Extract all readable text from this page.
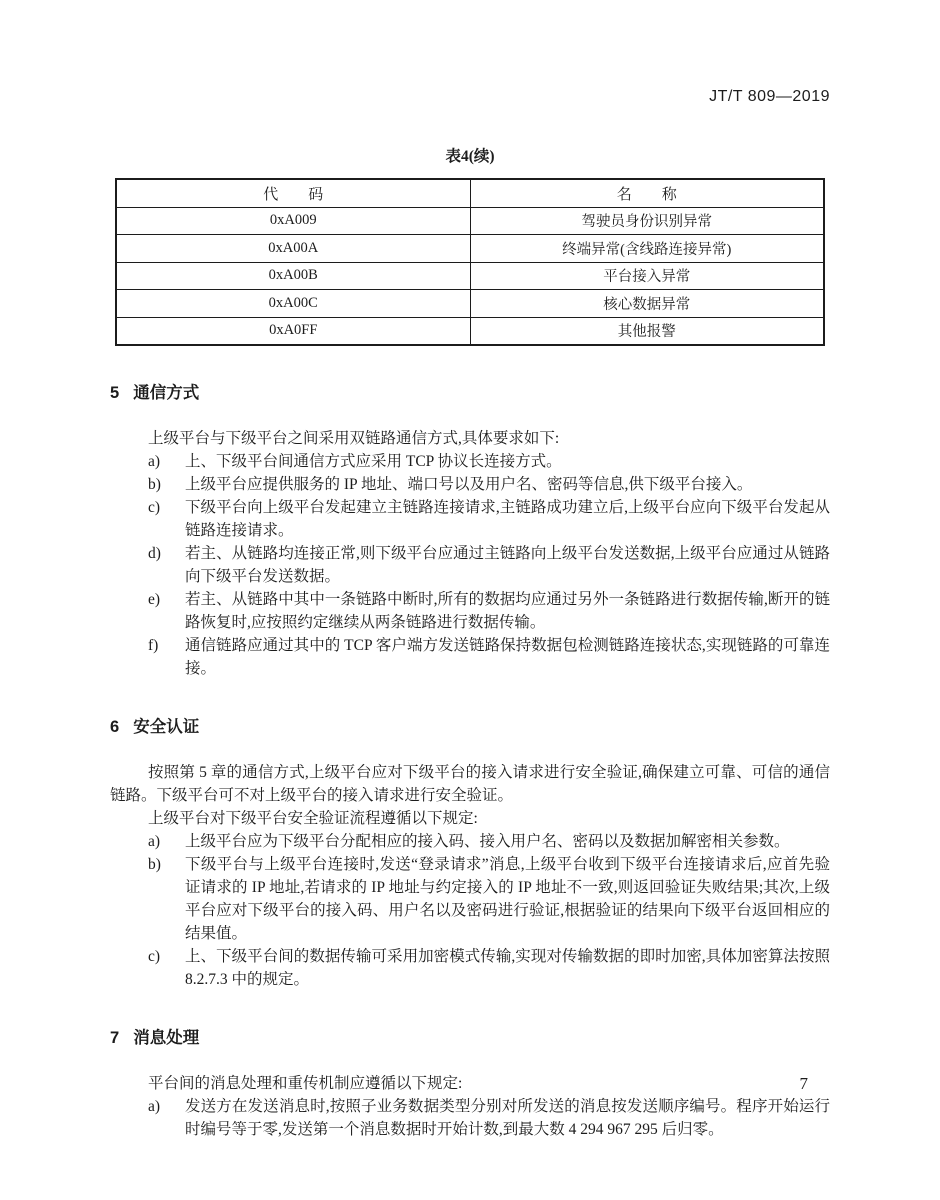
JT/T 809—2019
表4(续)
代　　码	名　　称
0xA009	驾驶员身份识别异常
0xA00A	终端异常(含线路连接异常)
0xA00B	平台接入异常
0xA00C	核心数据异常
0xA0FF	其他报警
5 通信方式

上级平台与下级平台之间采用双链路通信方式,具体要求如下:

a)	上、下级平台间通信方式应采用 TCP 协议长连接方式。
b)	上级平台应提供服务的 IP 地址、端口号以及用户名、密码等信息,供下级平台接入。
c)	下级平台向上级平台发起建立主链路连接请求,主链路成功建立后,上级平台应向下级平台发起从链路连接请求。
d)	若主、从链路均连接正常,则下级平台应通过主链路向上级平台发送数据,上级平台应通过从链路向下级平台发送数据。
e)	若主、从链路中其中一条链路中断时,所有的数据均应通过另外一条链路进行数据传输,断开的链路恢复时,应按照约定继续从两条链路进行数据传输。
f)	通信链路应通过其中的 TCP 客户端方发送链路保持数据包检测链路连接状态,实现链路的可靠连接。
6 安全认证

按照第 5 章的通信方式,上级平台应对下级平台的接入请求进行安全验证,确保建立可靠、可信的通信链路。下级平台可不对上级平台的接入请求进行安全验证。

上级平台对下级平台安全验证流程遵循以下规定:

a)	上级平台应为下级平台分配相应的接入码、接入用户名、密码以及数据加解密相关参数。
b)	下级平台与上级平台连接时,发送“登录请求”消息,上级平台收到下级平台连接请求后,应首先验证请求的 IP 地址,若请求的 IP 地址与约定接入的 IP 地址不一致,则返回验证失败结果;其次,上级平台应对下级平台的接入码、用户名以及密码进行验证,根据验证的结果向下级平台返回相应的结果值。
c)	上、下级平台间的数据传输可采用加密模式传输,实现对传输数据的即时加密,具体加密算法按照 8.2.7.3 中的规定。
7 消息处理

平台间的消息处理和重传机制应遵循以下规定:

a)	发送方在发送消息时,按照子业务数据类型分别对所发送的消息按发送顺序编号。程序开始运行时编号等于零,发送第一个消息数据时开始计数,到最大数 4 294 967 295 后归零。
7
